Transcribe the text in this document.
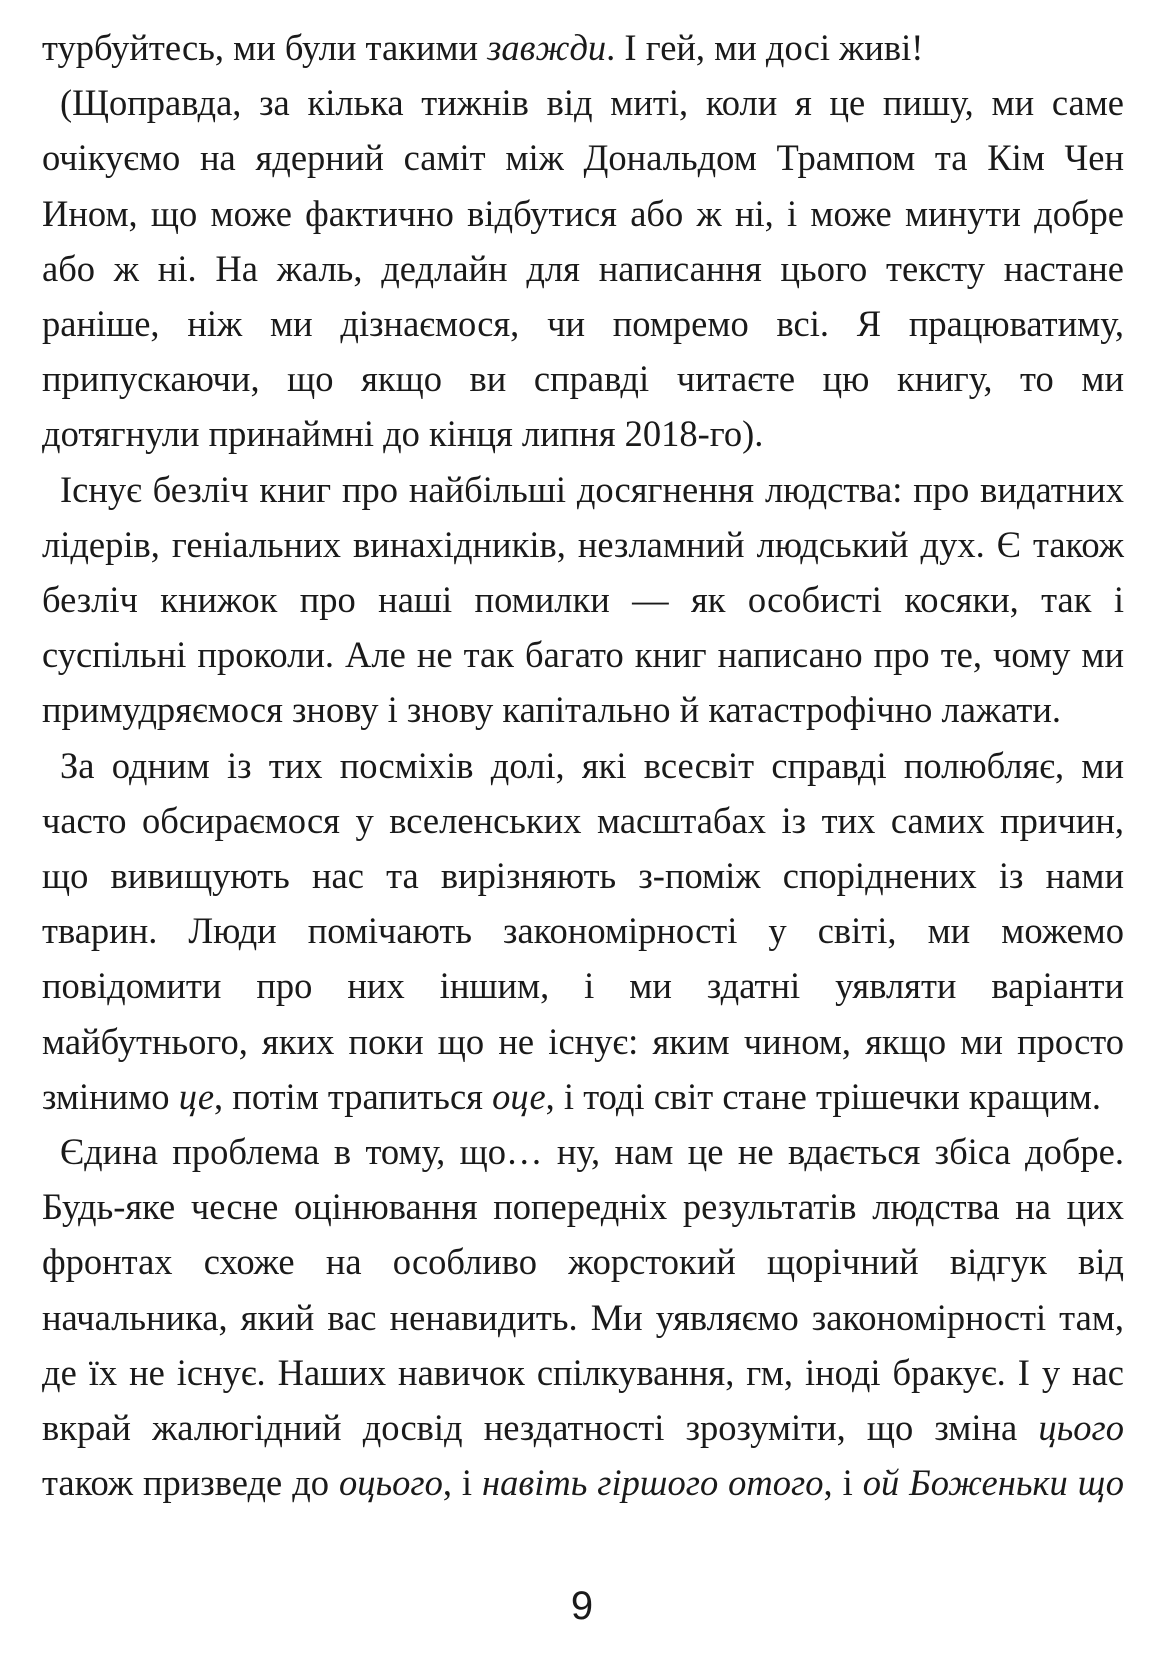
турбуйтесь, ми були такими завжди. І гей, ми досі живі!

(Щоправда, за кілька тижнів від миті, коли я це пишу, ми саме очікуємо на ядерний саміт між Дональдом Трампом та Кім Чен Ином, що може фактично відбутися або ж ні, і може минути добре або ж ні. На жаль, дедлайн для написання цього тексту настане раніше, ніж ми дізнаємося, чи помремо всі. Я працюватиму, припускаючи, що якщо ви справді читаєте цю книгу, то ми дотягнули принаймні до кінця липня 2018-го).

Існує безліч книг про найбільші досягнення людства: про видатних лідерів, геніальних винахідників, незламний людський дух. Є також безліч книжок про наші помилки — як особисті косяки, так і суспільні проколи. Але не так багато книг написано про те, чому ми примудряємося знову і знову капітально й катастрофічно лажати.

За одним із тих посміхів долі, які всесвіт справді полюбляє, ми часто обсираємося у вселенських масштабах із тих самих причин, що вивищують нас та вирізняють з-поміж споріднених із нами тварин. Люди помічають закономірності у світі, ми можемо повідомити про них іншим, і ми здатні уявляти варіанти майбутнього, яких поки що не існує: яким чином, якщо ми просто змінимо це, потім трапиться оце, і тоді світ стане трішечки кращим.

Єдина проблема в тому, що… ну, нам це не вдається збіса добре. Будь-яке чесне оцінювання попередніх результатів людства на цих фронтах схоже на особливо жорстокий щорічний відгук від начальника, який вас ненавидить. Ми уявляємо закономірності там, де їх не існує. Наших навичок спілкування, гм, іноді бракує. І у нас вкрай жалюгідний досвід нездатності зрозуміти, що зміна цього також призведе до оцього, і навіть гіршого отого, і ой Боженьки що

9
